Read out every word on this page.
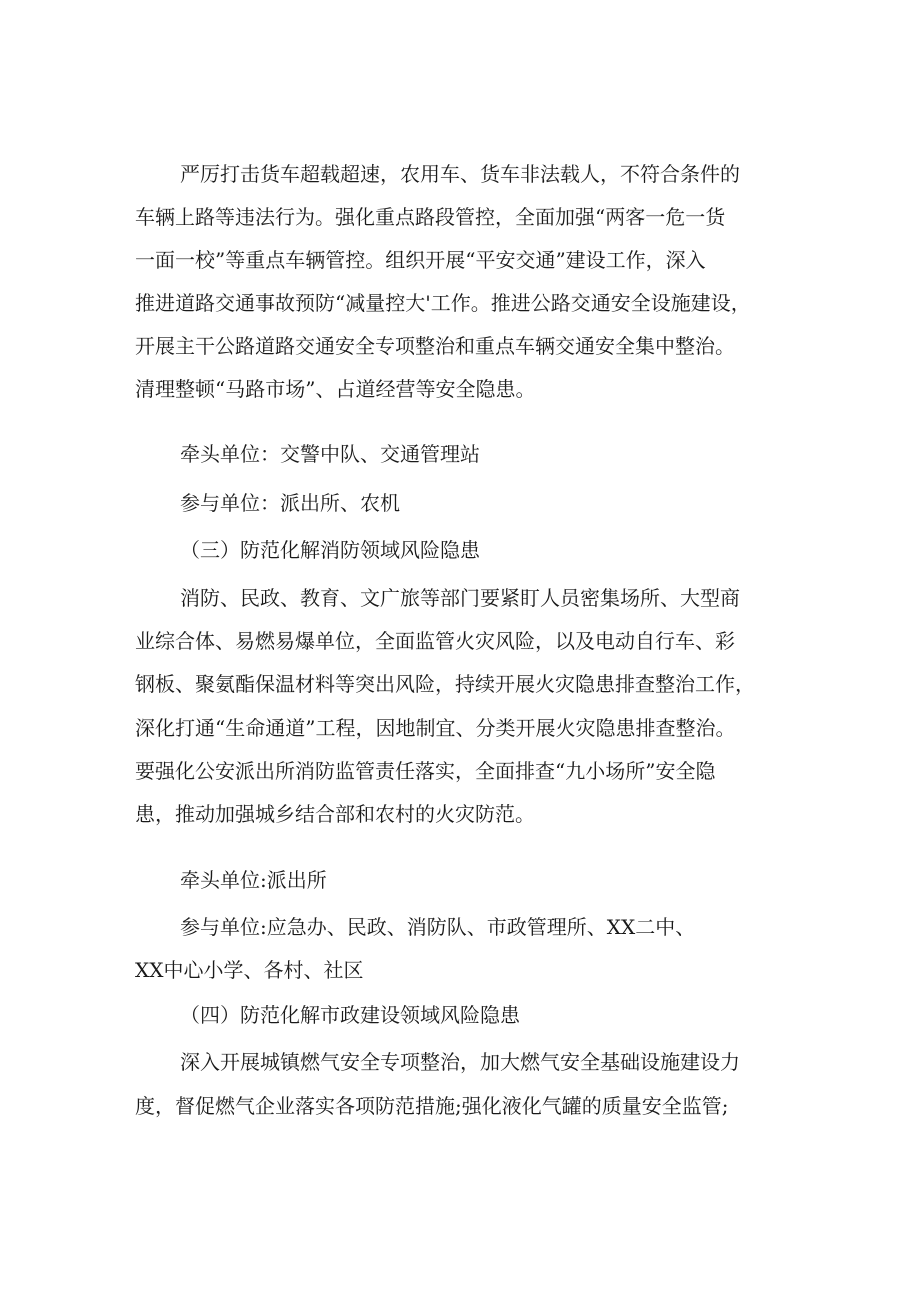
严厉打击货车超载超速，农用车、货车非法载人，不符合条件的
车辆上路等违法行为。强化重点路段管控，全面加强“两客一危一货
一面一校”等重点车辆管控。组织开展“平安交通”建设工作，深入
推进道路交通事故预防“减量控大'工作。推进公路交通安全设施建设，
开展主干公路道路交通安全专项整治和重点车辆交通安全集中整治。
清理整顿“马路市场”、占道经营等安全隐患。
牵头单位：交警中队、交通管理站
参与单位：派出所、农机
（三）防范化解消防领域风险隐患
消防、民政、教育、文广旅等部门要紧盯人员密集场所、大型商
业综合体、易燃易爆单位，全面监管火灾风险，以及电动自行车、彩
钢板、聚氨酯保温材料等突出风险，持续开展火灾隐患排查整治工作，
深化打通“生命通道”工程，因地制宜、分类开展火灾隐患排查整治。
要强化公安派出所消防监管责任落实，全面排查“九小场所”安全隐
患，推动加强城乡结合部和农村的火灾防范。
牵头单位:派出所
参与单位:应急办、民政、消防队、市政管理所、XX二中、
XX中心小学、各村、社区
（四）防范化解市政建设领域风险隐患
深入开展城镇燃气安全专项整治，加大燃气安全基础设施建设力
度，督促燃气企业落实各项防范措施;强化液化气罐的质量安全监管;
